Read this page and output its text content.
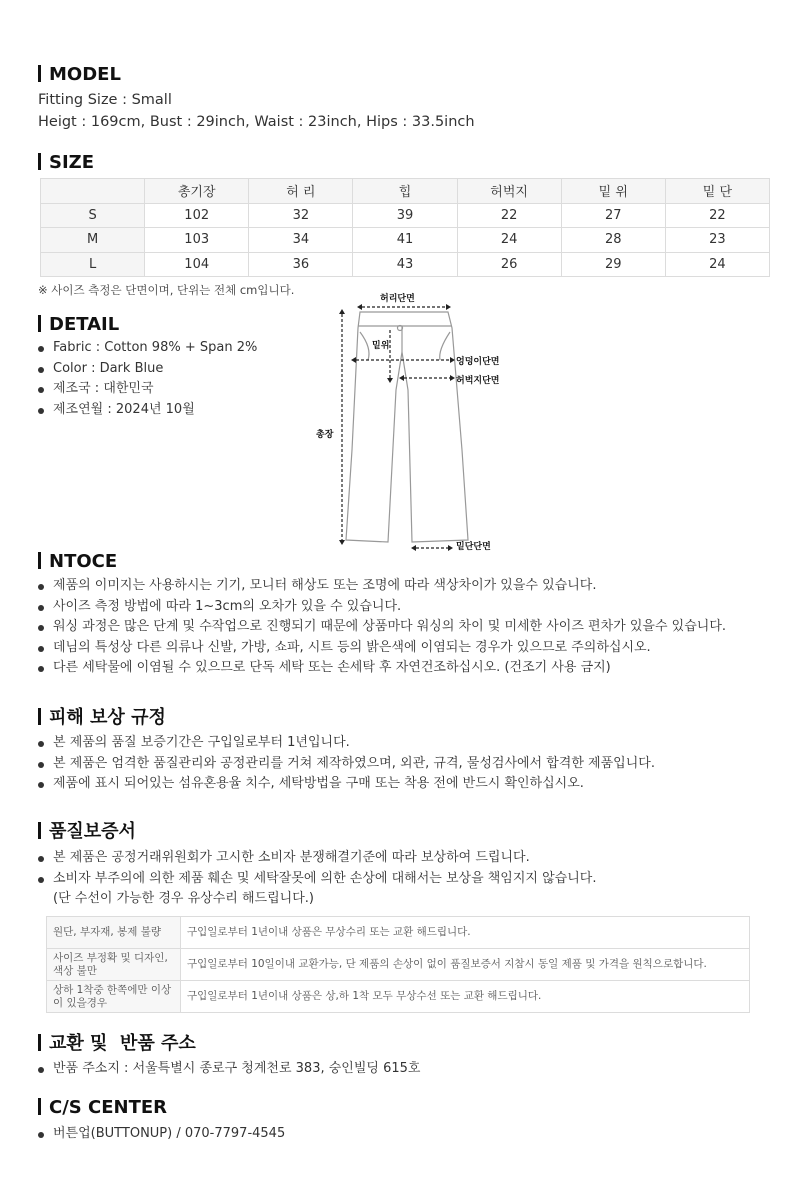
MODEL
Fitting Size : Small
Heigt : 169cm, Bust : 29inch, Waist : 23inch, Hips : 33.5inch
SIZE
	총기장	허 리	힙	허벅지	밑 위	밑 단
S	102	32	39	22	27	22
M	103	34	41	24	28	23
L	104	36	43	26	29	24
※ 사이즈 측정은 단면이며, 단위는 전체 cm입니다.
DETAIL
Fabric : Cotton 98% + Span 2%
Color : Dark Blue
제조국 : 대한민국
제조연월 : 2024년 10월
허리단면
밑위
엉덩이단면
허벅지단면
총장
밑단단면
NTOCE
제품의 이미지는 사용하시는 기기, 모니터 해상도 또는 조명에 따라 색상차이가 있을수 있습니다.
사이즈 측정 방법에 따라 1~3cm의 오차가 있을 수 있습니다.
워싱 과정은 많은 단계 및 수작업으로 진행되기 때문에 상품마다 워싱의 차이 및 미세한 사이즈 편차가 있을수 있습니다.
데님의 특성상 다른 의류나 신발, 가방, 쇼파, 시트 등의 밝은색에 이염되는 경우가 있으므로 주의하십시오.
다른 세탁물에 이염될 수 있으므로 단독 세탁 또는 손세탁 후 자연건조하십시오. (건조기 사용 금지)
피해 보상 규정
본 제품의 품질 보증기간은 구입일로부터 1년입니다.
본 제품은 엄격한 품질관리와 공정관리를 거쳐 제작하였으며, 외관, 규격, 물성검사에서 합격한 제품입니다.
제품에 표시 되어있는 섬유혼용율 치수, 세탁방법을 구매 또는 착용 전에 반드시 확인하십시오.
품질보증서
본 제품은 공정거래위원회가 고시한 소비자 분쟁해결기준에 따라 보상하여 드립니다.
소비자 부주의에 의한 제품 훼손 및 세탁잘못에 의한 손상에 대해서는 보상을 책임지지 않습니다.
(단 수선이 가능한 경우 유상수리 해드립니다.)
원단, 부자재, 봉제 불량	구입일로부터 1년이내 상품은 무상수리 또는 교환 해드립니다.
사이즈 부정확 및 디자인, 색상 불만	구입일로부터 10일이내 교환가능, 단 제품의 손상이 없이 품질보증서 지참시 동일 제품 및 가격을 원칙으로합니다.
상하 1착중 한쪽에만 이상이 있을경우	구입일로부터 1년이내 상품은 상,하 1착 모두 무상수선 또는 교환 해드립니다.
교환 및  반품 주소
반품 주소지 : 서울특별시 종로구 청계천로 383, 숭인빌딩 615호
C/S CENTER
버튼업(BUTTONUP) / 070-7797-4545
